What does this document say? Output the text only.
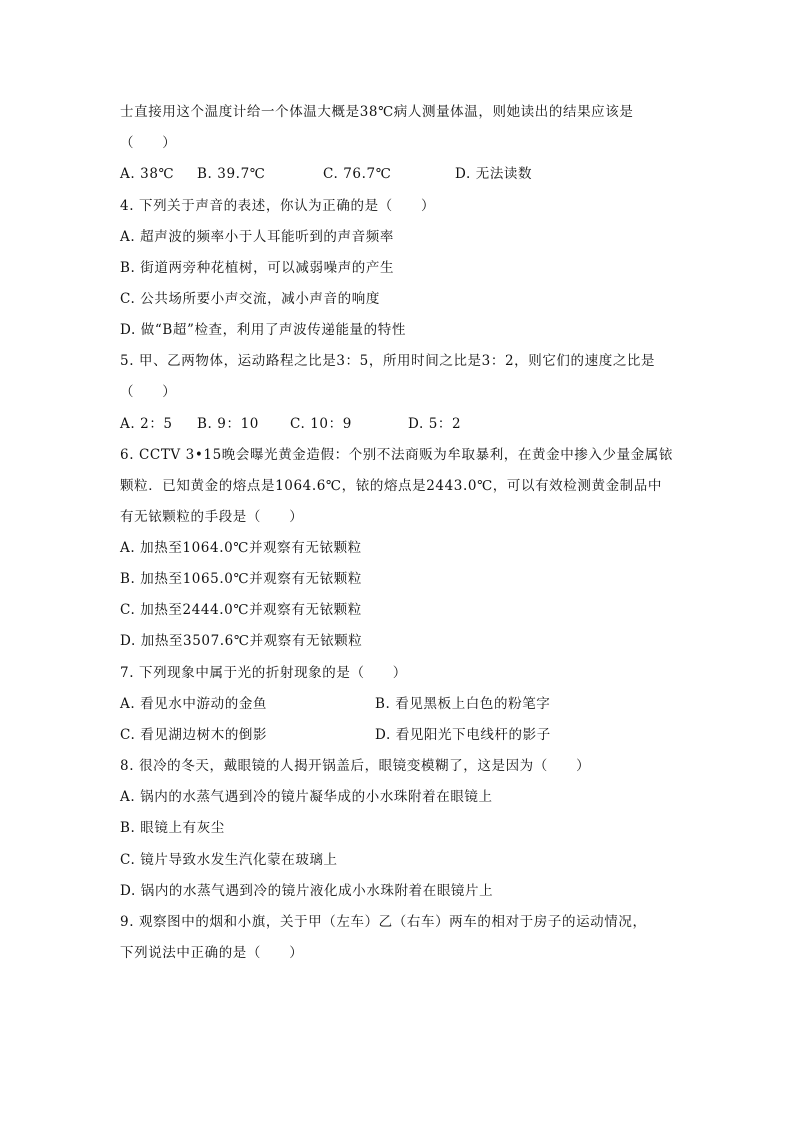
士直接用这个温度计给一个体温大概是38℃病人测量体温，则她读出的结果应该是
（　　）
A. 38℃ B. 39.7℃	C. 76.7℃	D. 无法读数
4. 下列关于声音的表述，你认为正确的是（　　）
A. 超声波的频率小于人耳能听到的声音频率
B. 街道两旁种花植树，可以减弱噪声的产生
C. 公共场所要小声交流，减小声音的响度
D. 做“B超”检查，利用了声波传递能量的特性
5. 甲、乙两物体，运动路程之比是3：5，所用时间之比是3：2，则它们的速度之比是
（　　）
A. 2：5 B. 9：10 C. 10：9	D. 5：2
6. CCTV 3•15晚会曝光黄金造假：个别不法商贩为牟取暴利，在黄金中掺入少量金属铱
颗粒．已知黄金的熔点是1064.6℃，铱的熔点是2443.0℃，可以有效检测黄金制品中
有无铱颗粒的手段是（　　）
A. 加热至1064.0℃并观察有无铱颗粒
B. 加热至1065.0℃并观察有无铱颗粒
C. 加热至2444.0℃并观察有无铱颗粒
D. 加热至3507.6℃并观察有无铱颗粒
7. 下列现象中属于光的折射现象的是（　　）
A. 看见水中游动的金鱼	B. 看见黑板上白色的粉笔字
C. 看见湖边树木的倒影	D. 看见阳光下电线杆的影子
8. 很冷的冬天，戴眼镜的人揭开锅盖后，眼镜变模糊了，这是因为（　　）
A. 锅内的水蒸气遇到冷的镜片凝华成的小水珠附着在眼镜上
B. 眼镜上有灰尘
C. 镜片导致水发生汽化蒙在玻璃上
D. 锅内的水蒸气遇到冷的镜片液化成小水珠附着在眼镜片上
9. 观察图中的烟和小旗，关于甲（左车）乙（右车）两车的相对于房子的运动情况，
下列说法中正确的是（　　）
